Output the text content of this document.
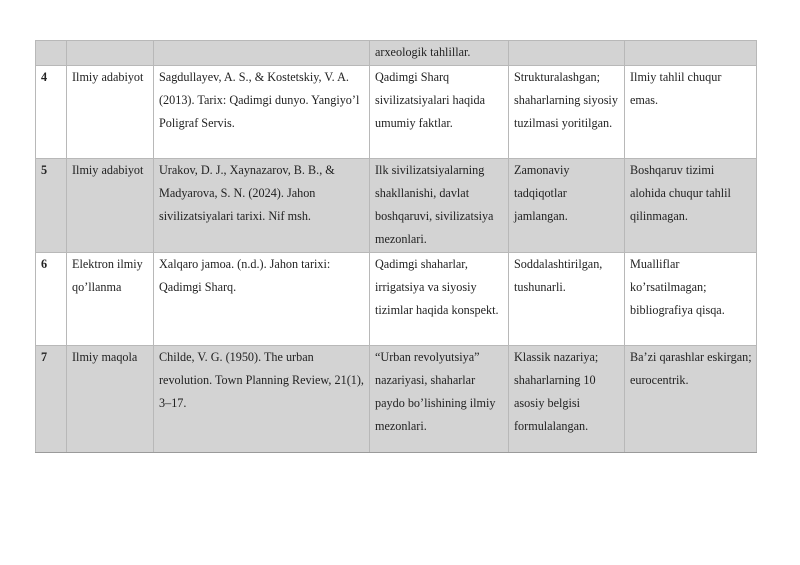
			arxeologik tahlillar.		
4	Ilmiy adabiyot	Sagdullayev, A. S., & Kostetskiy, V. A. (2013). Tarix: Qadimgi dunyo. Yangiyo’l Poligraf Servis.	Qadimgi Sharq sivilizatsiyalari haqida umumiy faktlar.	Strukturalashgan; shaharlarning siyosiy tuzilmasi yoritilgan.	Ilmiy tahlil chuqur emas.
5	Ilmiy adabiyot	Urakov, D. J., Xaynazarov, B. B., & Madyarova, S. N. (2024). Jahon sivilizatsiyalari tarixi. Nif msh.	Ilk sivilizatsiyalarning shakllanishi, davlat boshqaruvi, sivilizatsiya mezonlari.	Zamonaviy tadqiqotlar jamlangan.	Boshqaruv tizimi alohida chuqur tahlil qilinmagan.
6	Elektron ilmiy qo’llanma	Xalqaro jamoa. (n.d.). Jahon tarixi: Qadimgi Sharq.	Qadimgi shaharlar, irrigatsiya va siyosiy tizimlar haqida konspekt.	Soddalashtirilgan, tushunarli.	Mualliflar ko’rsatilmagan; bibliografiya qisqa.
7	Ilmiy maqola	Childe, V. G. (1950). The urban revolution. Town Planning Review, 21(1), 3–17.	“Urban revolyutsiya” nazariyasi, shaharlar paydo bo’lishining ilmiy mezonlari.	Klassik nazariya; shaharlarning 10 asosiy belgisi formulalangan.	Ba’zi qarashlar eskirgan; eurocentrik.
